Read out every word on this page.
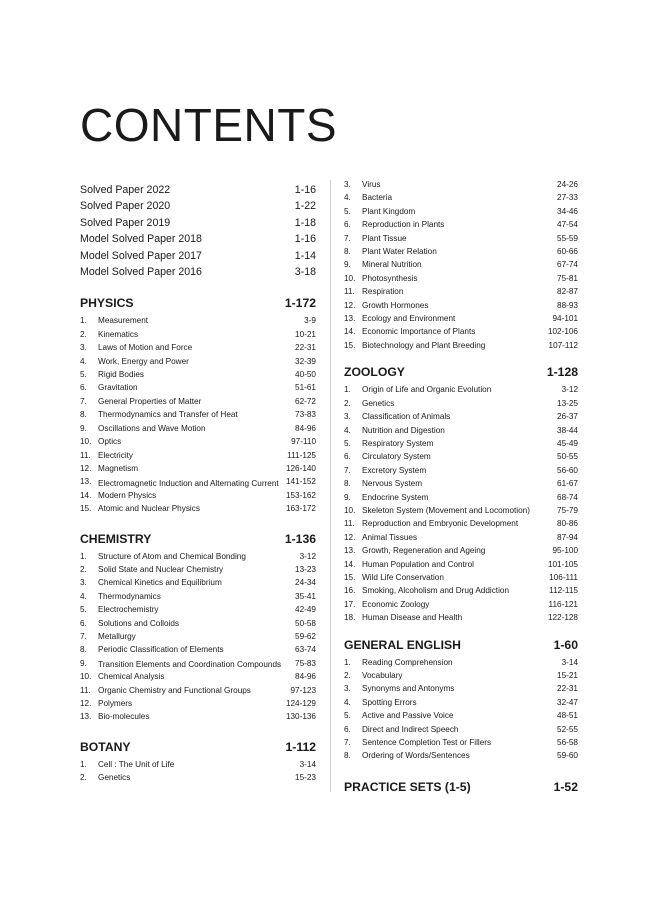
CONTENTS
Solved Paper 2022	1-16
Solved Paper 2020	1-22
Solved Paper 2019	1-18
Model Solved Paper 2018	1-16
Model Solved Paper 2017	1-14
Model Solved Paper 2016	3-18
PHYSICS	1-172
1.	Measurement	3-9
2.	Kinematics	10-21
3.	Laws of Motion and Force	22-31
4.	Work, Energy and Power	32-39
5.	Rigid Bodies	40-50
6.	Gravitation	51-61
7.	General Properties of Matter	62-72
8.	Thermodynamics and Transfer of Heat	73-83
9.	Oscillations and Wave Motion	84-96
10. Optics	97-110
11. Electricity	111-125
12. Magnetism	126-140
13. Electromagnetic Induction and Alternating Current 141-152
14. Modern Physics	153-162
15. Atomic and Nuclear Physics	163-172
CHEMISTRY	1-136
1.	Structure of Atom and Chemical Bonding	3-12
2.	Solid State and Nuclear Chemistry	13-23
3.	Chemical Kinetics and Equilibrium	24-34
4.	Thermodynamics	35-41
5.	Electrochemistry	42-49
6.	Solutions and Colloids	50-58
7.	Metallurgy	59-62
8.	Periodic Classification of Elements	63-74
9.	Transition Elements and Coordination Compounds	75-83
10. Chemical Analysis	84-96
11. Organic Chemistry and Functional Groups	97-123
12. Polymers	124-129
13. Bio-molecules	130-136
BOTANY	1-112
1.	Cell : The Unit of Life	3-14
2.	Genetics	15-23
3.	Virus	24-26
4.	Bacteria	27-33
5.	Plant Kingdom	34-46
6.	Reproduction in Plants	47-54
7.	Plant Tissue	55-59
8.	Plant Water Relation	60-66
9.	Mineral Nutrition	67-74
10. Photosynthesis	75-81
11. Respiration	82-87
12. Growth Hormones	88-93
13. Ecology and Environment	94-101
14. Economic Importance of Plants	102-106
15. Biotechnology and Plant Breeding	107-112
ZOOLOGY	1-128
1.	Origin of Life and Organic Evolution	3-12
2.	Genetics	13-25
3.	Classification of Animals	26-37
4.	Nutrition and Digestion	38-44
5.	Respiratory System	45-49
6.	Circulatory System	50-55
7.	Excretory System	56-60
8.	Nervous System	61-67
9.	Endocrine System	68-74
10. Skeleton System (Movement and Locomotion)	75-79
11. Reproduction and Embryonic Development	80-86
12. Animal Tissues	87-94
13. Growth, Regeneration and Ageing	95-100
14. Human Population and Control	101-105
15. Wild Life Conservation	106-111
16. Smoking, Alcoholism and Drug Addiction	112-115
17. Economic Zoology	116-121
18. Human Disease and Health	122-128
GENERAL ENGLISH	1-60
1.	Reading Comprehension	3-14
2.	Vocabulary	15-21
3.	Synonyms and Antonyms	22-31
4.	Spotting Errors	32-47
5.	Active and Passive Voice	48-51
6.	Direct and Indirect Speech	52-55
7.	Sentence Completion Test or Fillers	56-58
8.	Ordering of Words/Sentences	59-60
PRACTICE SETS (1-5)	1-52
